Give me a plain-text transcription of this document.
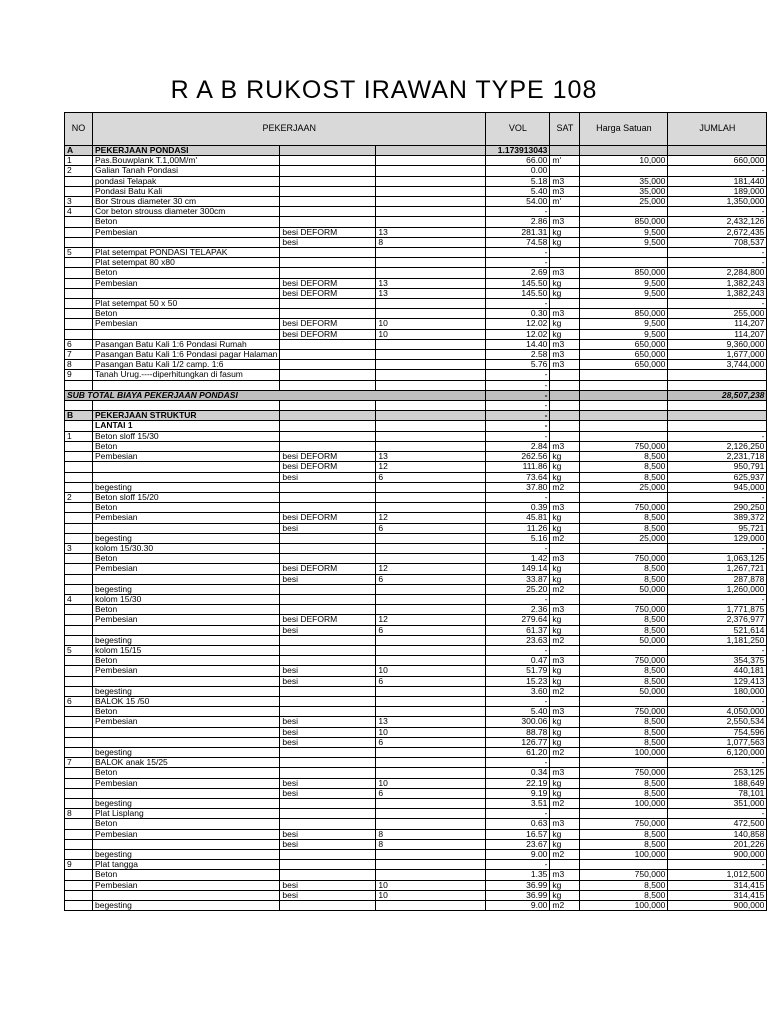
R A B RUKOST IRAWAN TYPE 108
NO	PEKERJAAN			VOL	SAT	Harga Satuan	JUMLAH
A	PEKERJAAN PONDASI			1.173913043			
1	Pas.Bouwplank T.1,00M/m'			66.00	m'	10,000	660,000
2	Galian Tanah Pondasi			0.00			-
	pondasi Telapak			5.18	m3	35,000	181,440
	Pondasi Batu Kali			5.40	m3	35,000	189,000
3	Bor Strous diameter 30 cm			54.00	m'	25,000	1,350,000
4	Cor beton strouss diameter 300cm			-			-
	Beton			2.86	m3	850,000	2,432,126
	Pembesian	besi DEFORM	13	281.31	kg	9,500	2,672,435
		besi	8	74.58	kg	9,500	708,537
5	Plat setempat PONDASI TELAPAK			-			-
	Plat setempat 80 x80			-			-
	Beton			2.69	m3	850,000	2,284,800
	Pembesian	besi DEFORM	13	145.50	kg	9,500	1,382,243
		besi DEFORM	13	145.50	kg	9,500	1,382,243
	Plat setempat 50 x 50			-			-
	Beton			0.30	m3	850,000	255,000
	Pembesian	besi DEFORM	10	12.02	kg	9,500	114,207
		besi DEFORM	10	12.02	kg	9,500	114,207
6	Pasangan Batu Kali 1:6 Pondasi Rumah			14.40	m3	650,000	9,360,000
7	Pasangan Batu Kali 1:6 Pondasi pagar Halaman			2.58	m3	650,000	1,677,000
8	Pasangan Batu Kali 1/2 camp. 1:6			5.76	m3	650,000	3,744,000
9	Tanah Urug.----diperhitungkan di fasum			-			
				-			
SUB TOTAL BIAYA PEKERJAAN PONDASI				-			28,507,238
				-			
B	PEKERJAAN STRUKTUR			-			
	LANTAI 1			-			
1	Beton sloff 15/30			-			-
	Beton			2.84	m3	750,000	2,126,250
	Pembesian	besi DEFORM	13	262.56	kg	8,500	2,231,718
		besi DEFORM	12	111.86	kg	8,500	950,791
		besi	6	73.64	kg	8,500	625,937
	begesting			37.80	m2	25,000	945,000
2	Beton sloff 15/20			-			-
	Beton			0.39	m3	750,000	290,250
	Pembesian	besi DEFORM	12	45.81	kg	8,500	389,372
		besi	6	11.26	kg	8,500	95,721
	begesting			5.16	m2	25,000	129,000
3	kolom 15/30.30			-			-
	Beton			1.42	m3	750,000	1,063,125
	Pembesian	besi DEFORM	12	149.14	kg	8,500	1,267,721
		besi	6	33.87	kg	8,500	287,878
	begesting			25.20	m2	50,000	1,260,000
4	kolom 15/30			-			-
	Beton			2.36	m3	750,000	1,771,875
	Pembesian	besi DEFORM	12	279.64	kg	8,500	2,376,977
		besi	6	61.37	kg	8,500	521,614
	begesting			23.63	m2	50,000	1,181,250
5	kolom 15/15			-			-
	Beton			0.47	m3	750,000	354,375
	Pembesian	besi	10	51.79	kg	8,500	440,181
		besi	6	15.23	kg	8,500	129,413
	begesting			3.60	m2	50,000	180,000
6	BALOK 15 /50			-			-
	Beton			5.40	m3	750,000	4,050,000
	Pembesian	besi	13	300.06	kg	8,500	2,550,534
		besi	10	88.78	kg	8,500	754,596
		besi	6	126.77	kg	8,500	1,077,563
	begesting			61.20	m2	100,000	6,120,000
7	BALOK anak 15/25			-			-
	Beton			0.34	m3	750,000	253,125
	Pembesian	besi	10	22.19	kg	8,500	188,649
		besi	6	9.19	kg	8,500	78,101
	begesting			3.51	m2	100,000	351,000
8	Plat Lisplang			-			-
	Beton			0.63	m3	750,000	472,500
	Pembesian	besi	8	16.57	kg	8,500	140,858
		besi	8	23.67	kg	8,500	201,226
	begesting			9.00	m2	100,000	900,000
9	Plat tangga			-			-
	Beton			1.35	m3	750,000	1,012,500
	Pembesian	besi	10	36.99	kg	8,500	314,415
		besi	10	36.99	kg	8,500	314,415
	begesting			9.00	m2	100,000	900,000
